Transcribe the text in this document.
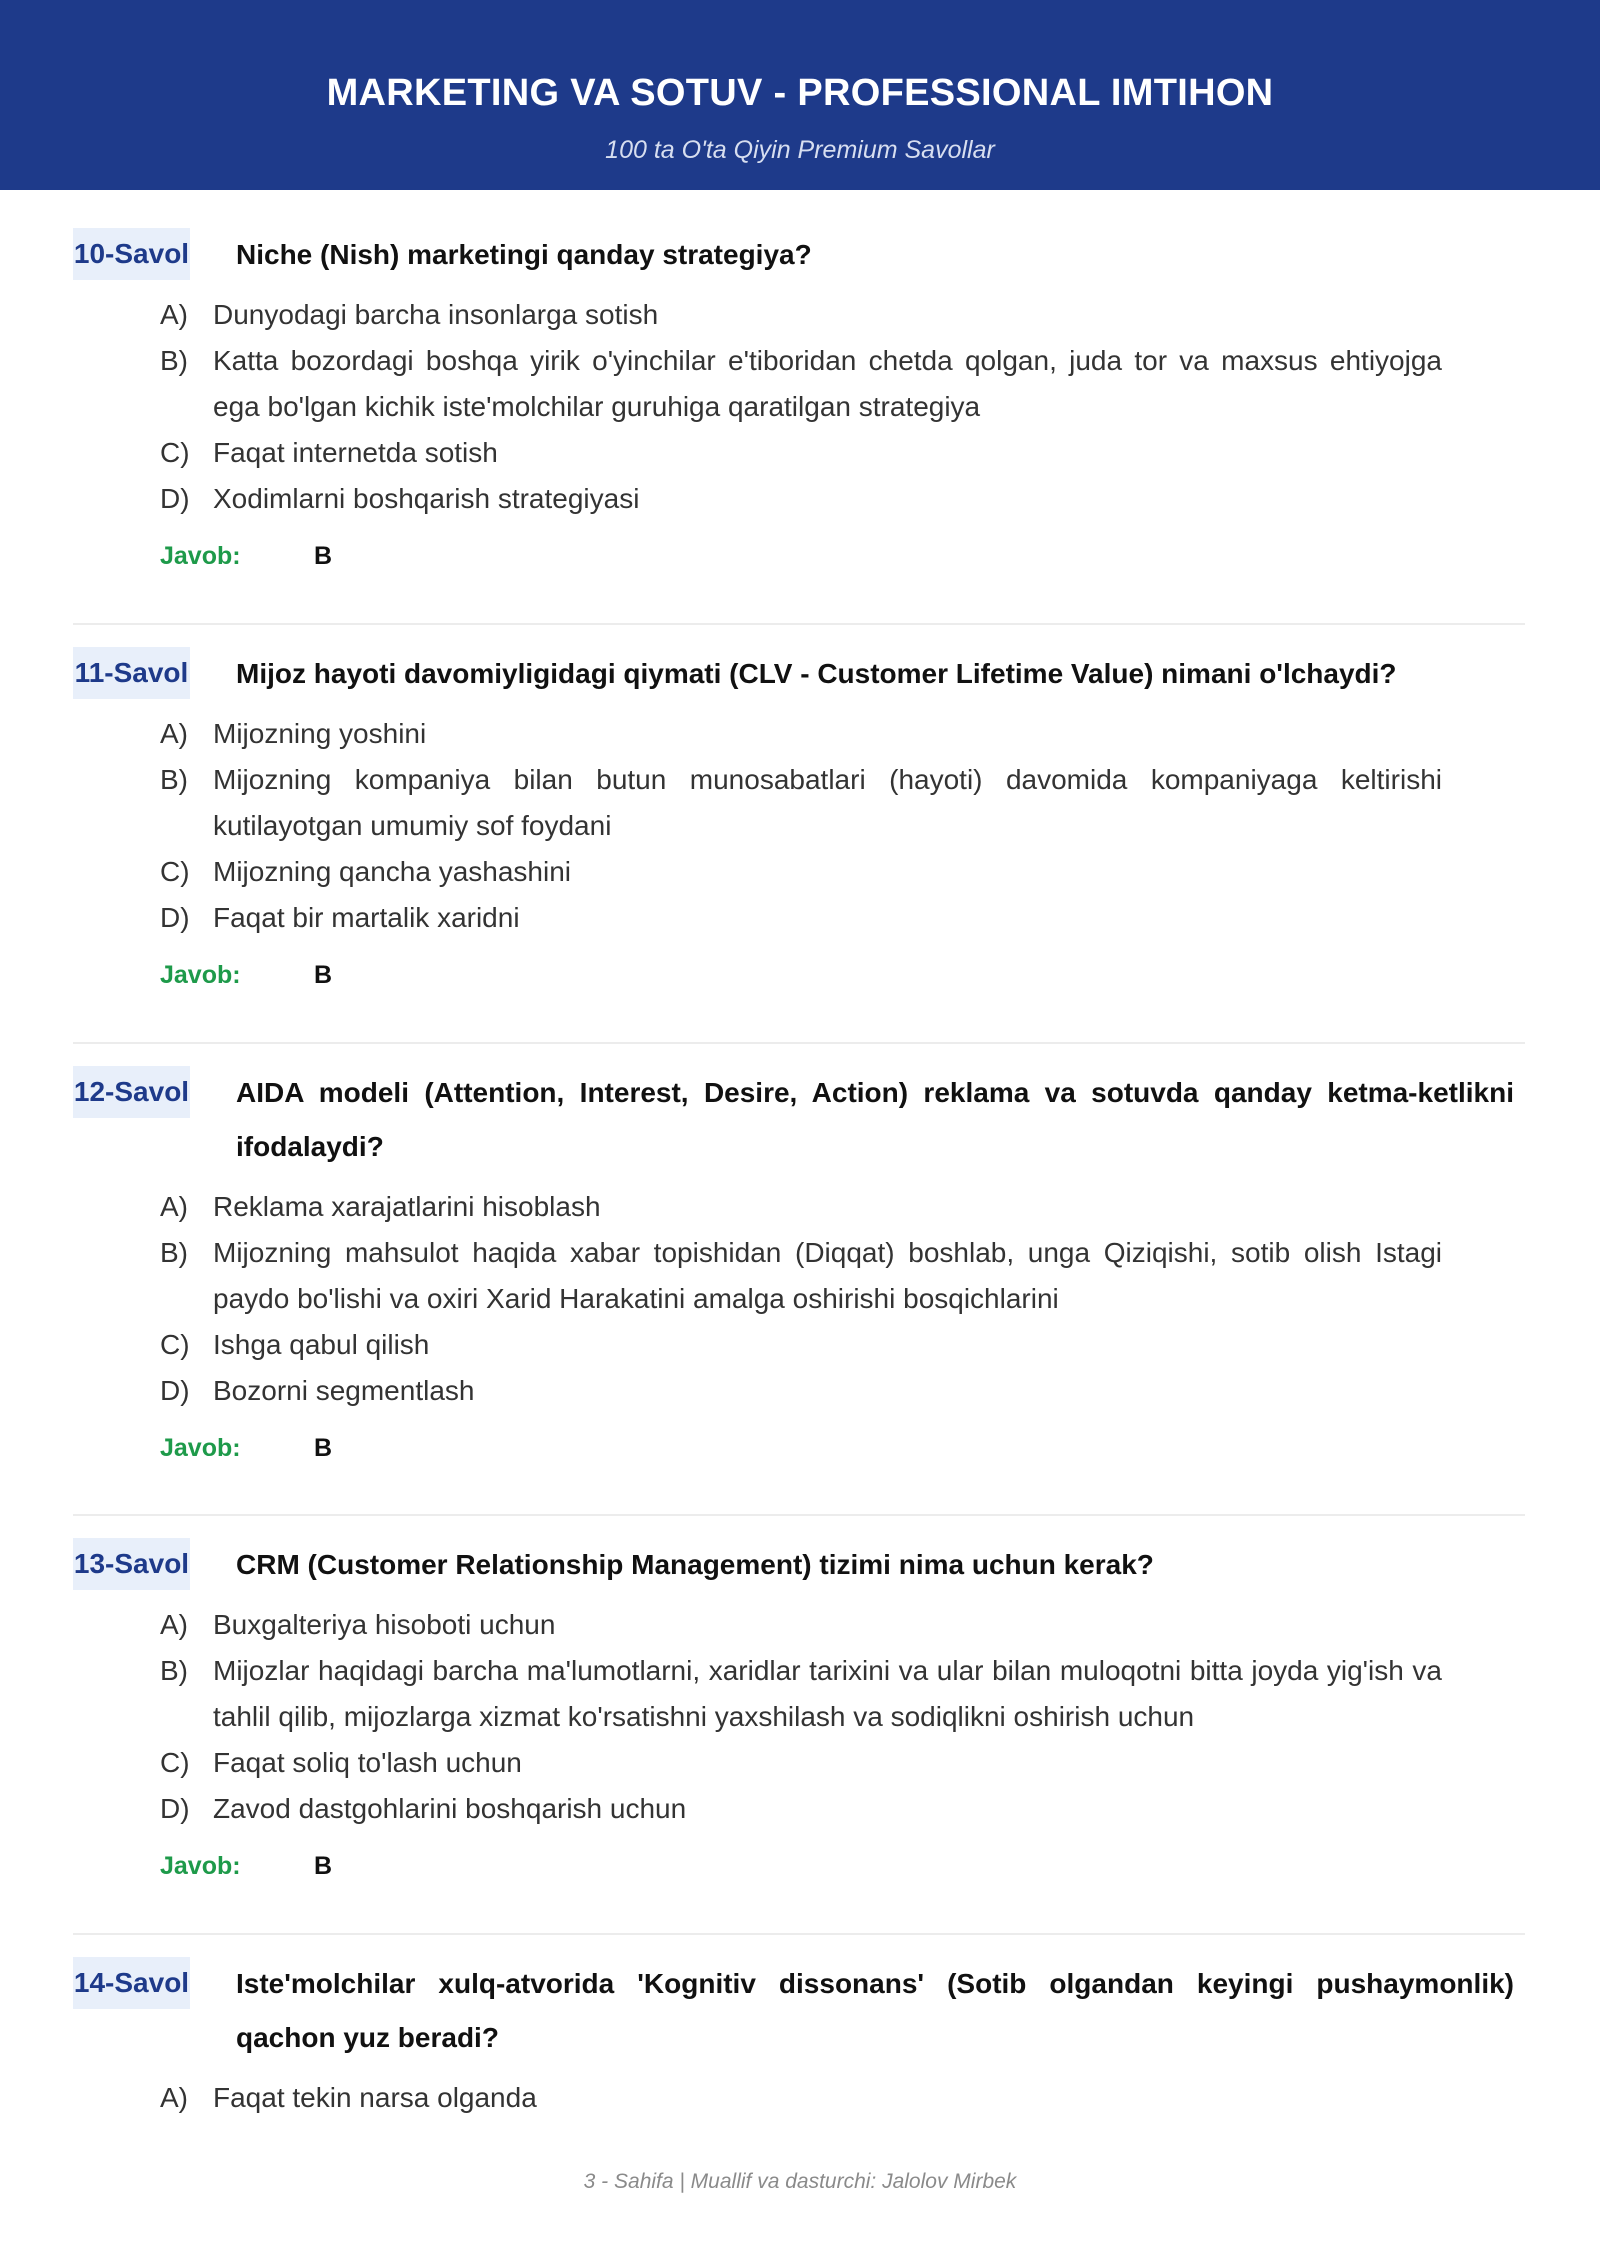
MARKETING VA SOTUV - PROFESSIONAL IMTIHON
100 ta O'ta Qiyin Premium Savollar
10-Savol Niche (Nish) marketingi qanday strategiya?
A) Dunyodagi barcha insonlarga sotish
B) Katta bozordagi boshqa yirik o'yinchilar e'tiboridan chetda qolgan, juda tor va maxsus ehtiyojga ega bo'lgan kichik iste'molchilar guruhiga qaratilgan strategiya
C) Faqat internetda sotish
D) Xodimlarni boshqarish strategiyasi
Javob:	B
11-Savol Mijoz hayoti davomiyligidagi qiymati (CLV - Customer Lifetime Value) nimani o'lchaydi?
A) Mijozning yoshini
B) Mijozning kompaniya bilan butun munosabatlari (hayoti) davomida kompaniyaga keltirishi kutilayotgan umumiy sof foydani
C) Mijozning qancha yashashini
D) Faqat bir martalik xaridni
Javob:	B
12-Savol AIDA modeli (Attention, Interest, Desire, Action) reklama va sotuvda qanday ketma-ketlikni ifodalaydi?
A) Reklama xarajatlarini hisoblash
B) Mijozning mahsulot haqida xabar topishidan (Diqqat) boshlab, unga Qiziqishi, sotib olish Istagi paydo bo'lishi va oxiri Xarid Harakatini amalga oshirishi bosqichlarini
C) Ishga qabul qilish
D) Bozorni segmentlash
Javob:	B
13-Savol CRM (Customer Relationship Management) tizimi nima uchun kerak?
A) Buxgalteriya hisoboti uchun
B) Mijozlar haqidagi barcha ma'lumotlarni, xaridlar tarixini va ular bilan muloqotni bitta joyda yig'ish va tahlil qilib, mijozlarga xizmat ko'rsatishni yaxshilash va sodiqlikni oshirish uchun
C) Faqat soliq to'lash uchun
D) Zavod dastgohlarini boshqarish uchun
Javob:	B
14-Savol Iste'molchilar xulq-atvorida 'Kognitiv dissonans' (Sotib olgandan keyingi pushaymonlik) qachon yuz beradi?
A) Faqat tekin narsa olganda
3 - Sahifa | Muallif va dasturchi: Jalolov Mirbek
